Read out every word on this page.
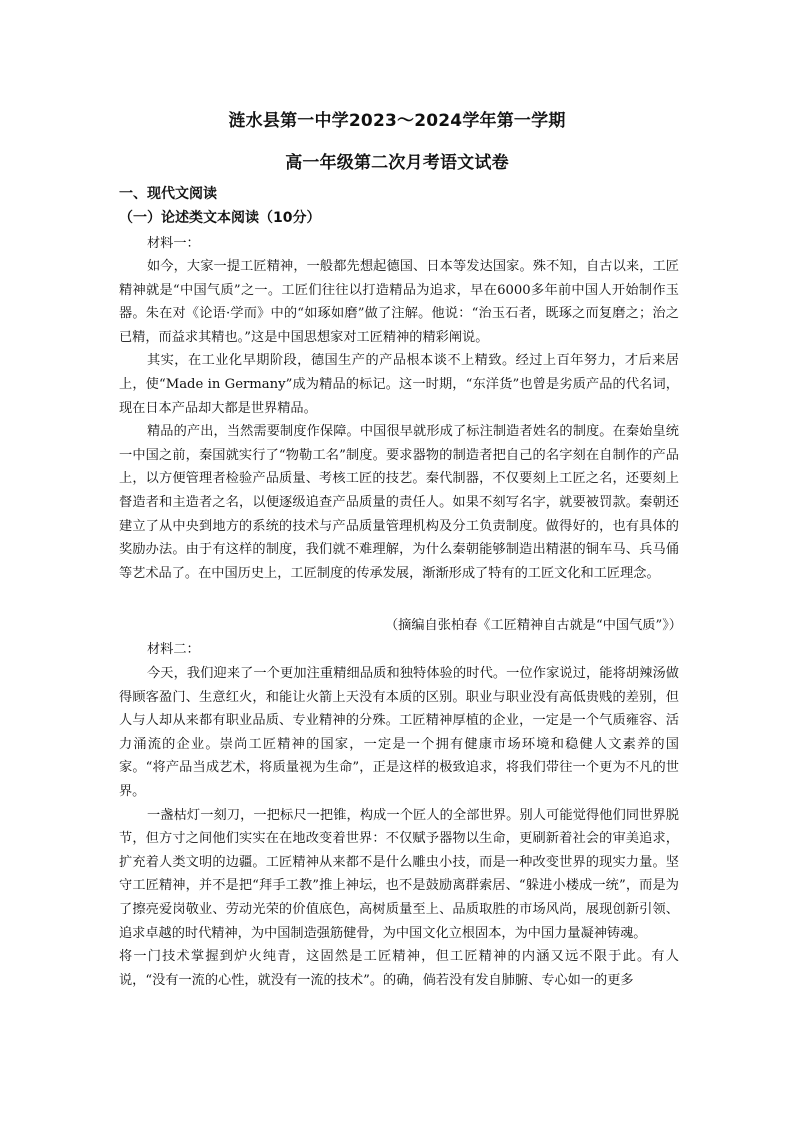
涟水县第一中学2023～2024学年第一学期
高一年级第二次月考语文试卷
一、现代文阅读
（一）论述类文本阅读（10分）
材料一：

如今，大家一提工匠精神，一般都先想起德国、日本等发达国家。殊不知，自古以来，工匠精神就是“中国气质”之一。工匠们往往以打造精品为追求，早在6000多年前中国人开始制作玉器。朱在对《论语·学而》中的“如琢如磨”做了注解。他说：“治玉石者，既琢之而复磨之；治之已精，而益求其精也。”这是中国思想家对工匠精神的精彩阐说。

其实，在工业化早期阶段，德国生产的产品根本谈不上精致。经过上百年努力，才后来居上，使“Made in Germany”成为精品的标记。这一时期，“东洋货”也曾是劣质产品的代名词，现在日本产品却大都是世界精品。

精品的产出，当然需要制度作保障。中国很早就形成了标注制造者姓名的制度。在秦始皇统一中国之前，秦国就实行了“物勒工名”制度。要求器物的制造者把自己的名字刻在自制作的产品上，以方便管理者检验产品质量、考核工匠的技艺。秦代制器，不仅要刻上工匠之名，还要刻上督造者和主造者之名，以便逐级追查产品质量的责任人。如果不刻写名字，就要被罚款。秦朝还建立了从中央到地方的系统的技术与产品质量管理机构及分工负责制度。做得好的，也有具体的奖励办法。由于有这样的制度，我们就不难理解，为什么秦朝能够制造出精湛的铜车马、兵马俑等艺术品了。在中国历史上，工匠制度的传承发展，渐渐形成了特有的工匠文化和工匠理念。

（摘编自张柏春《工匠精神自古就是“中国气质”》）
材料二：

今天，我们迎来了一个更加注重精细品质和独特体验的时代。一位作家说过，能将胡辣汤做得顾客盈门、生意红火，和能让火箭上天没有本质的区别。职业与职业没有高低贵贱的差别，但人与人却从来都有职业品质、专业精神的分殊。工匠精神厚植的企业，一定是一个气质雍容、活力涌流的企业。崇尚工匠精神的国家，一定是一个拥有健康市场环境和稳健人文素养的国家。“将产品当成艺术，将质量视为生命”，正是这样的极致追求，将我们带往一个更为不凡的世界。

一盏枯灯一刻刀，一把标尺一把锥，构成一个匠人的全部世界。别人可能觉得他们同世界脱节，但方寸之间他们实实在在地改变着世界：不仅赋予器物以生命，更刷新着社会的审美追求，扩充着人类文明的边疆。工匠精神从来都不是什么雕虫小技，而是一种改变世界的现实力量。坚守工匠精神，并不是把“拜手工教”推上神坛，也不是鼓励离群索居、“躲进小楼成一统”，而是为了擦亮爱岗敬业、劳动光荣的价值底色，高树质量至上、品质取胜的市场风尚，展现创新引领、追求卓越的时代精神，为中国制造强筋健骨，为中国文化立根固本，为中国力量凝神铸魂。

将一门技术掌握到炉火纯青，这固然是工匠精神，但工匠精神的内涵又远不限于此。有人说，“没有一流的心性，就没有一流的技术”。的确，倘若没有发自肺腑、专心如一的更多
